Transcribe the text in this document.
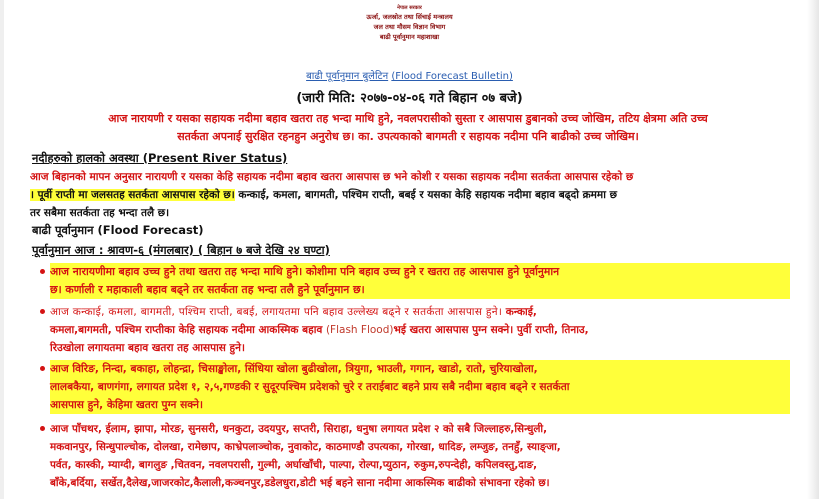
नेपाल सरकार
ऊर्जा, जलस्रोत तथा सिंचाई मन्त्रालय
जल तथा मौसम विज्ञान विभाग
बाढी पूर्वानुमान महाशाखा
बाढी पूर्वानुमान बुलेटिन (Flood Forecast Bulletin)
(जारी मिति: २०७७-०४-०६ गते बिहान ०७ बजे)
आज नारायणी र यसका सहायक नदीमा बहाव खतरा तह भन्दा माथि हुने, नवलपरासीको सुस्ता र आसपास डुबानको उच्च जोखिम, तटिय क्षेत्रमा अति उच्च
सतर्कता अपनाई सुरक्षित रहनहुन अनुरोध छ। का. उपत्यकाको बागमती र सहायक नदीमा पनि बाढीको उच्च जोखिम।
नदीहरुको हालको अवस्था (Present River Status)
आज बिहानको मापन अनुसार नारायणी र यसका केहि सहायक नदीमा बहाव खतरा आसपास छ भने कोशी र यसका सहायक नदीमा सतर्कता आसपास रहेको छ
। पूर्वी राप्ती मा जलसतह सतर्कता आसपास रहेको छ। कन्काई, कमला, बागमती, पश्चिम राप्ती, बबई र यसका केहि सहायक नदीमा बहाव बढ्दो क्रममा छ
तर सबैमा सतर्कता तह भन्दा तलै छ।
बाढी पूर्वानुमान (Flood Forecast)
पूर्वानुमान आज : श्रावण-६ (मंगलबार) ( बिहान ७ बजे देखि २४ घण्टा)
आज नारायणीमा बहाव उच्च हुने तथा खतरा तह भन्दा माथि हुने। कोशीमा पनि बहाव उच्च हुने र खतरा तह आसपास हुने पूर्वानुमान
छ। कर्णाली र महाकाली बहाव बढ्ने तर सतर्कता तह भन्दा तलै हुने पूर्वानुमान छ।
आज कन्काई, कमला, बागमती, पश्चिम राप्ती, बबई, लगायतमा पनि बहाव उल्लेख्य बढ्ने र सतर्कता आसपास हुने। कन्काई,
कमला,बागमती, पश्चिम राप्तीका केहि सहायक नदीमा आकस्मिक बहाव (Flash Flood)भई खतरा आसपास पुग्न सक्ने। पुर्वी राप्ती, तिनाउ,
रिउखोला लगायतमा बहाव खतरा तह आसपास हुने।
आज विरिङ, निन्दा, बकाहा, लोहन्द्रा, चिसाङ्खोला, सिंधिया खोला बुढीखोला, त्रियुगा, भाउली, गगान, खाडो, रातो, चुरियाखोला,
लालबकैया, बाणगंगा, लगायत प्रदेश १, २,५,गण्डकी र सुदूरपश्चिम प्रदेशको चुरे र तराईबाट बहने प्राय सबै नदीमा बहाव बढ्ने र सतर्कता
आसपास हुने, केहिमा खतरा पुग्न सक्ने।
आज पाँचथर, ईलाम, झापा, मोरङ, सुनसरी, धनकुटा, उदयपुर, सप्तरी, सिराहा, धनुषा लगायत प्रदेश २ को सबै जिल्लाहरु,सिन्धुली,
मकवानपुर, सिन्धुपाल्चोक, दोलखा, रामेछाप, काभ्रेपलाञ्चोक, नुवाकोट, काठमाण्डौ उपत्यका, गोरखा, धादिङ, लम्जुङ, तनहुँ, स्याङ्जा,
पर्वत, कास्की, म्याग्दी, बागलुङ ,चितवन, नवलपरासी, गुल्मी, अर्घाखाँची, पाल्पा, रोल्पा,प्युठान, रुकुम,रुपन्देही, कपिलवस्तु,दाङ,
बाँके,बर्दिया, सर्खेत,दैलेख,जाजरकोट,कैलाली,कञ्चनपुर,डडेलधुरा,डोटी भई बहने साना नदीमा आकस्मिक बाढीको संभावना रहेको छ।
